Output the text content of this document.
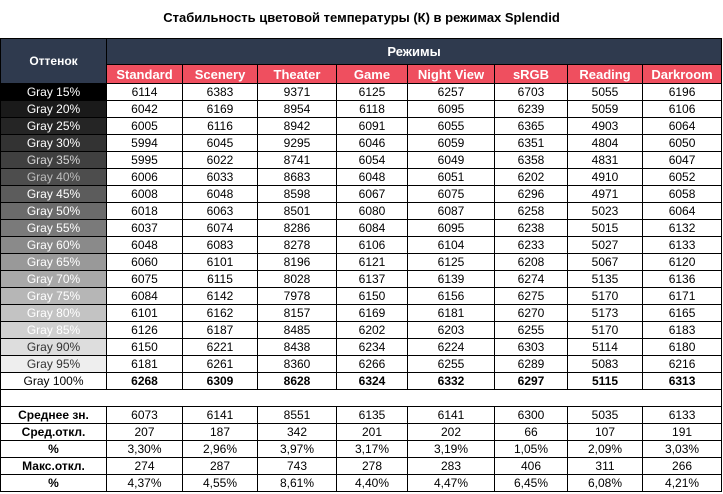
Стабильность цветовой температуры (К) в режимах Splendid
Оттенок	Режимы							
	Standard	Scenery	Theater	Game	Night View	sRGB	Reading	Darkroom
Gray 15%	6114	6383	9371	6125	6257	6703	5055	6196
Gray 20%	6042	6169	8954	6118	6095	6239	5059	6106
Gray 25%	6005	6116	8942	6091	6055	6365	4903	6064
Gray 30%	5994	6045	9295	6046	6059	6351	4804	6050
Gray 35%	5995	6022	8741	6054	6049	6358	4831	6047
Gray 40%	6006	6033	8683	6048	6051	6202	4910	6052
Gray 45%	6008	6048	8598	6067	6075	6296	4971	6058
Gray 50%	6018	6063	8501	6080	6087	6258	5023	6064
Gray 55%	6037	6074	8286	6084	6095	6238	5015	6132
Gray 60%	6048	6083	8278	6106	6104	6233	5027	6133
Gray 65%	6060	6101	8196	6121	6125	6208	5067	6120
Gray 70%	6075	6115	8028	6137	6139	6274	5135	6136
Gray 75%	6084	6142	7978	6150	6156	6275	5170	6171
Gray 80%	6101	6162	8157	6169	6181	6270	5173	6165
Gray 85%	6126	6187	8485	6202	6203	6255	5170	6183
Gray 90%	6150	6221	8438	6234	6224	6303	5114	6180
Gray 95%	6181	6261	8360	6266	6255	6289	5083	6216
Gray 100%	6268	6309	8628	6324	6332	6297	5115	6313

Среднее зн.	6073	6141	8551	6135	6141	6300	5035	6133
Сред.откл.	207	187	342	201	202	66	107	191
%	3,30%	2,96%	3,97%	3,17%	3,19%	1,05%	2,09%	3,03%
Макс.откл.	274	287	743	278	283	406	311	266
%	4,37%	4,55%	8,61%	4,40%	4,47%	6,45%	6,08%	4,21%
